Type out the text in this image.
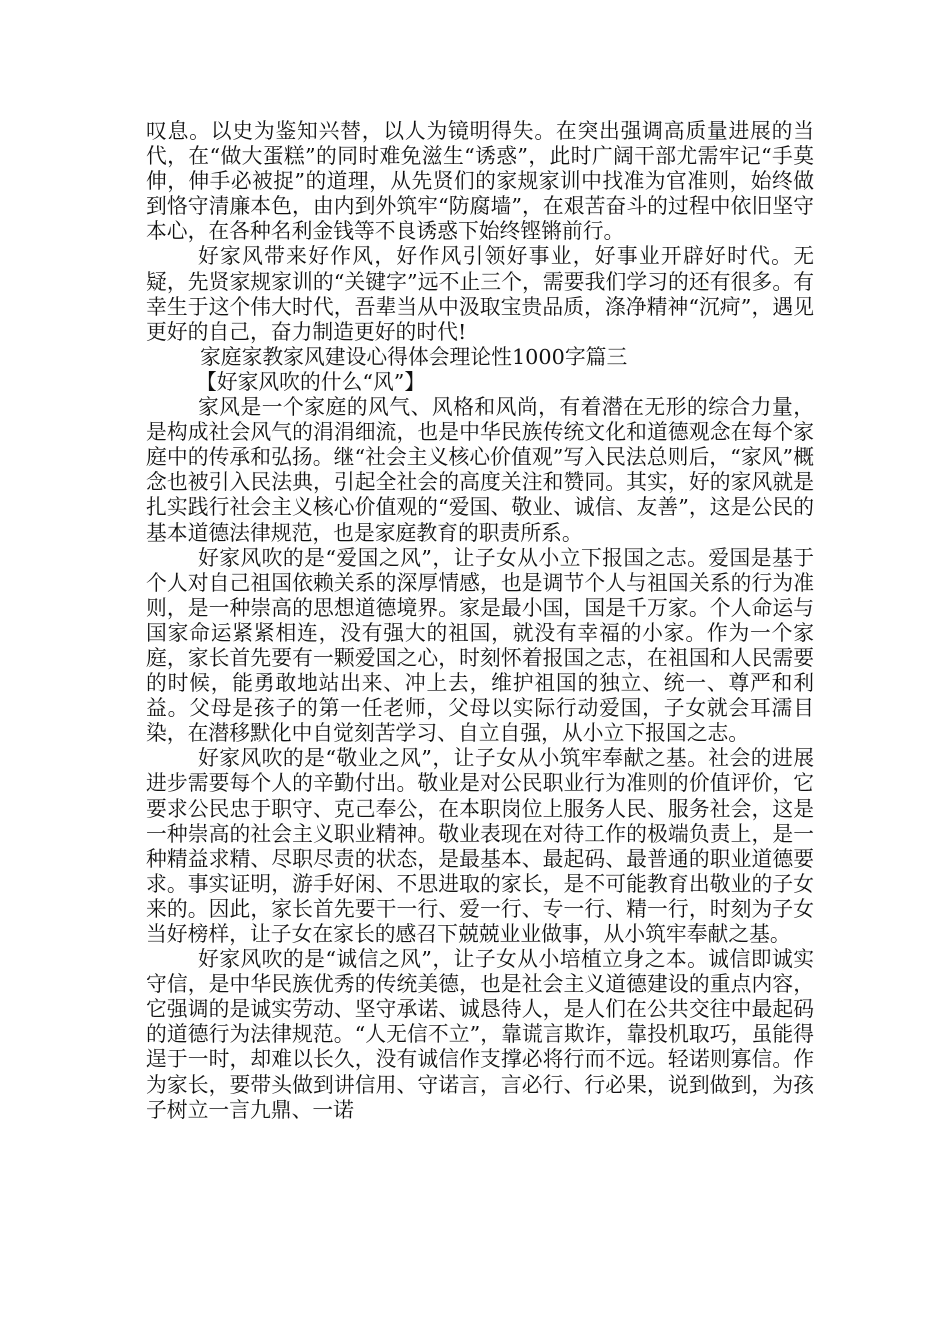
叹息。以史为鉴知兴替，以人为镜明得失。在突出强调高质量进展的当代，在“做大蛋糕”的同时难免滋生“诱惑”，此时广阔干部尤需牢记“手莫伸，伸手必被捉”的道理，从先贤们的家规家训中找准为官准则，始终做到恪守清廉本色，由内到外筑牢“防腐墙”，在艰苦奋斗的过程中依旧坚守本心，在各种名利金钱等不良诱惑下始终铿锵前行。

好家风带来好作风，好作风引领好事业，好事业开辟好时代。无疑，先贤家规家训的“关键字”远不止三个，需要我们学习的还有很多。有幸生于这个伟大时代，吾辈当从中汲取宝贵品质，涤净精神“沉疴”，遇见更好的自己，奋力制造更好的时代!

家庭家教家风建设心得体会理论性1000字篇三

【好家风吹的什么“风”】

家风是一个家庭的风气、风格和风尚，有着潜在无形的综合力量，是构成社会风气的涓涓细流，也是中华民族传统文化和道德观念在每个家庭中的传承和弘扬。继“社会主义核心价值观”写入民法总则后，“家风”概念也被引入民法典，引起全社会的高度关注和赞同。其实，好的家风就是扎实践行社会主义核心价值观的“爱国、敬业、诚信、友善”，这是公民的基本道德法律规范，也是家庭教育的职责所系。

好家风吹的是“爱国之风”，让子女从小立下报国之志。爱国是基于个人对自己祖国依赖关系的深厚情感，也是调节个人与祖国关系的行为准则，是一种崇高的思想道德境界。家是最小国，国是千万家。个人命运与国家命运紧紧相连，没有强大的祖国，就没有幸福的小家。作为一个家庭，家长首先要有一颗爱国之心，时刻怀着报国之志，在祖国和人民需要的时候，能勇敢地站出来、冲上去，维护祖国的独立、统一、尊严和利益。父母是孩子的第一任老师，父母以实际行动爱国，子女就会耳濡目染，在潜移默化中自觉刻苦学习、自立自强，从小立下报国之志。

好家风吹的是“敬业之风”，让子女从小筑牢奉献之基。社会的进展进步需要每个人的辛勤付出。敬业是对公民职业行为准则的价值评价，它要求公民忠于职守、克己奉公，在本职岗位上服务人民、服务社会，这是一种崇高的社会主义职业精神。敬业表现在对待工作的极端负责上，是一种精益求精、尽职尽责的状态，是最基本、最起码、最普通的职业道德要求。事实证明，游手好闲、不思进取的家长，是不可能教育出敬业的子女来的。因此，家长首先要干一行、爱一行、专一行、精一行，时刻为子女当好榜样，让子女在家长的感召下兢兢业业做事，从小筑牢奉献之基。

好家风吹的是“诚信之风”，让子女从小培植立身之本。诚信即诚实守信，是中华民族优秀的传统美德，也是社会主义道德建设的重点内容，它强调的是诚实劳动、坚守承诺、诚恳待人，是人们在公共交往中最起码的道德行为法律规范。“人无信不立”，靠谎言欺诈，靠投机取巧，虽能得逞于一时，却难以长久，没有诚信作支撑必将行而不远。轻诺则寡信。作为家长，要带头做到讲信用、守诺言，言必行、行必果，说到做到，为孩子树立一言九鼎、一诺
